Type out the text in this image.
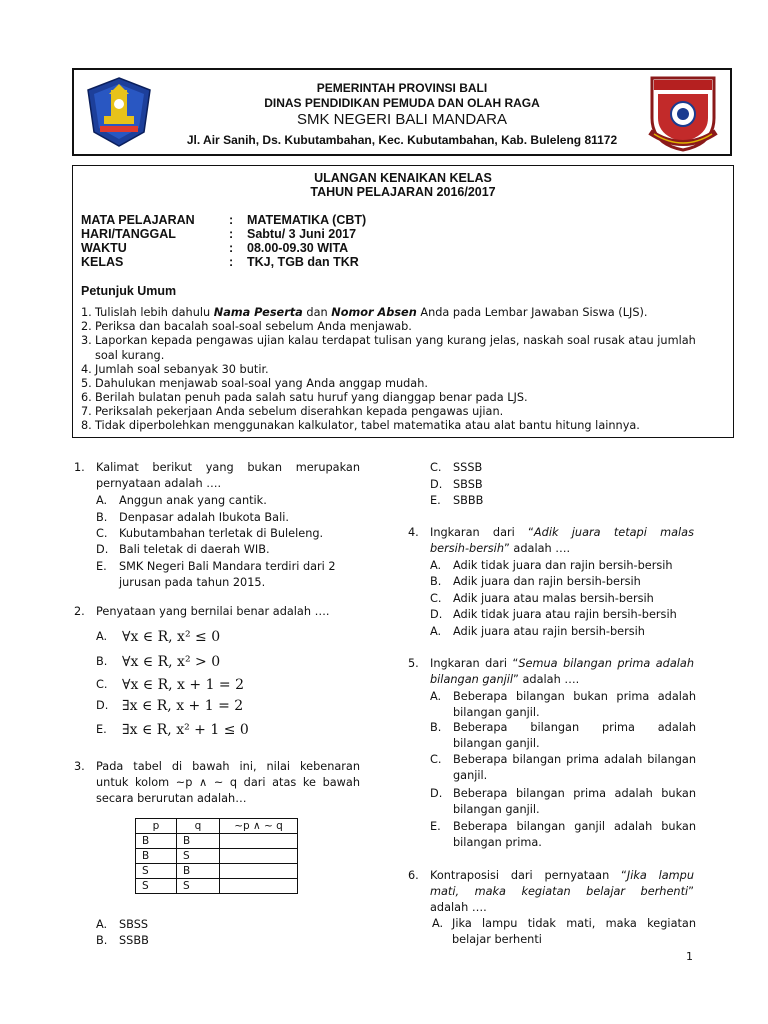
PEMERINTAH PROVINSI BALI
DINAS PENDIDIKAN PEMUDA DAN OLAH RAGA
SMK NEGERI BALI MANDARA
Jl. Air Sanih, Ds. Kubutambahan, Kec. Kubutambahan, Kab. Buleleng 81172
ULANGAN KENAIKAN KELAS
TAHUN PELAJARAN 2016/2017
MATA PELAJARAN	: MATEMATIKA (CBT)
HARI/TANGGAL	: Sabtu/ 3 Juni 2017
WAKTU	: 08.00-09.30 WITA
KELAS	: TKJ, TGB dan TKR
Petunjuk Umum
1. Tulislah lebih dahulu Nama Peserta dan Nomor Absen Anda pada Lembar Jawaban Siswa (LJS).
2. Periksa dan bacalah soal-soal sebelum Anda menjawab.
3. Laporkan kepada pengawas ujian kalau terdapat tulisan yang kurang jelas, naskah soal rusak atau jumlah
soal kurang.
4. Jumlah soal sebanyak 30 butir.
5. Dahulukan menjawab soal-soal yang Anda anggap mudah.
6. Berilah bulatan penuh pada salah satu huruf yang dianggap benar pada LJS.
7. Periksalah pekerjaan Anda sebelum diserahkan kepada pengawas ujian.
8. Tidak diperbolehkan menggunakan kalkulator, tabel matematika atau alat bantu hitung lainnya.
1. Kalimat berikut yang bukan merupakan
pernyataan adalah ….
A. Anggun anak yang cantik.
B. Denpasar adalah Ibukota Bali.
C. Kubutambahan terletak di Buleleng.
D. Bali teletak di daerah WIB.
E. SMK Negeri Bali Mandara terdiri dari 2
jurusan pada tahun 2015.
2. Penyataan yang bernilai benar adalah ….
A. ∀x ∈ R, x² ≤ 0
B. ∀x ∈ R, x² > 0
C. ∀x ∈ R, x + 1 = 2
D. ∃x ∈ R, x + 1 = 2
E. ∃x ∈ R, x² + 1 ≤ 0
3. Pada tabel di bawah ini, nilai kebenaran
untuk kolom ~p ∧ ~ q dari atas ke bawah
secara berurutan adalah…
p	q	~p ∧ ~ q
B	B	
B	S	
S	B	
S	S	
A. SBSS
B. SSBB
C. SSSB
D. SBSB
E. SBBB
4. Ingkaran dari “Adik juara tetapi malas
bersih-bersih” adalah ….
A. Adik tidak juara dan rajin bersih-bersih
B. Adik juara dan rajin bersih-bersih
C. Adik juara atau malas bersih-bersih
D. Adik tidak juara atau rajin bersih-bersih
A. Adik juara atau rajin bersih-bersih
5. Ingkaran dari “Semua bilangan prima adalah
bilangan ganjil” adalah ….
A. Beberapa bilangan bukan prima adalah
bilangan ganjil.
B. Beberapa bilangan prima adalah
bilangan ganjil.
C. Beberapa bilangan prima adalah bilangan
ganjil.
D. Beberapa bilangan prima adalah bukan
bilangan ganjil.
E. Beberapa bilangan ganjil adalah bukan
bilangan prima.
6. Kontraposisi dari pernyataan “Jika lampu
mati, maka kegiatan belajar berhenti”
adalah ….
A. Jika lampu tidak mati, maka kegiatan
belajar berhenti
1
